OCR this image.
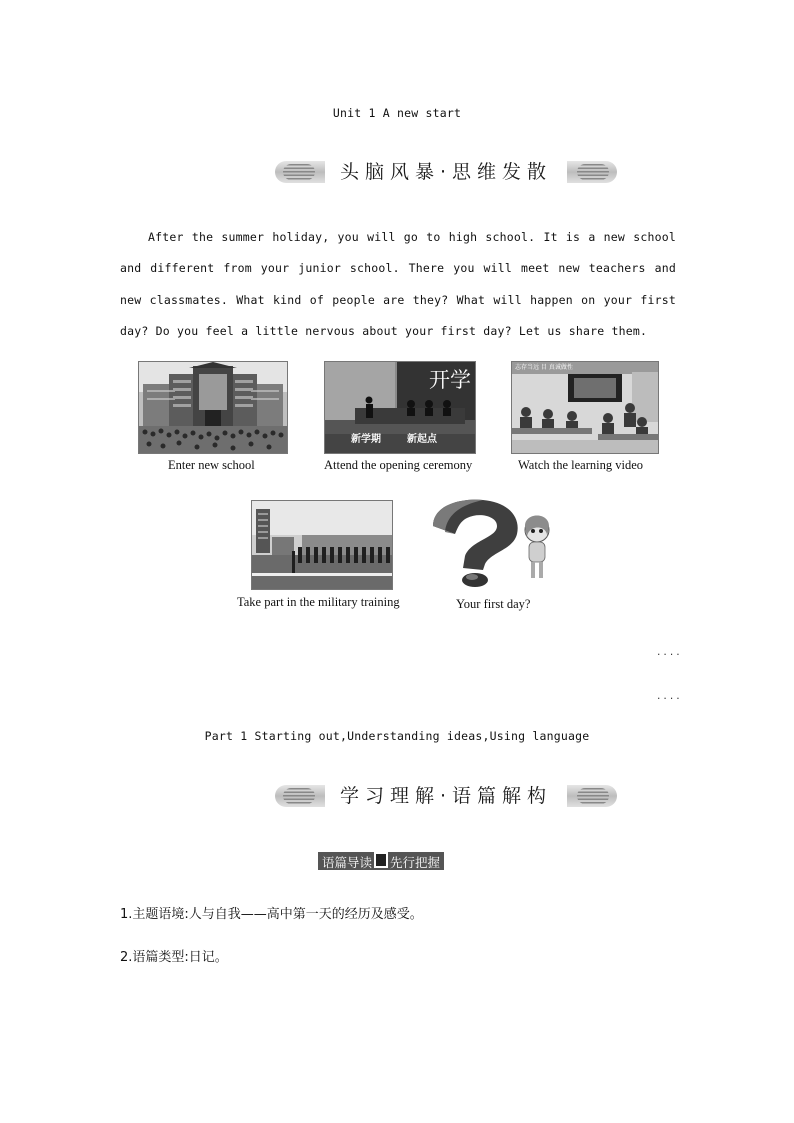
Unit 1 A new start
头脑风暴·思维发散
After the summer holiday, you will go to high school. It is a new school and different from your junior school. There you will meet new teachers and new classmates. What kind of people are they? What will happen on your first day? Do you feel a little nervous about your first day? Let us share them.
Enter new school
开学
新学期	新起点
Attend the opening ceremony
志存当远 目 真诚做性
Watch the learning video
Take part in the military training	Your first day?
....
....
Part 1 Starting out,Understanding ideas,Using language
学习理解·语篇解构
语篇导读 先行把握
1.主题语境:人与自我——高中第一天的经历及感受。
2.语篇类型:日记。
